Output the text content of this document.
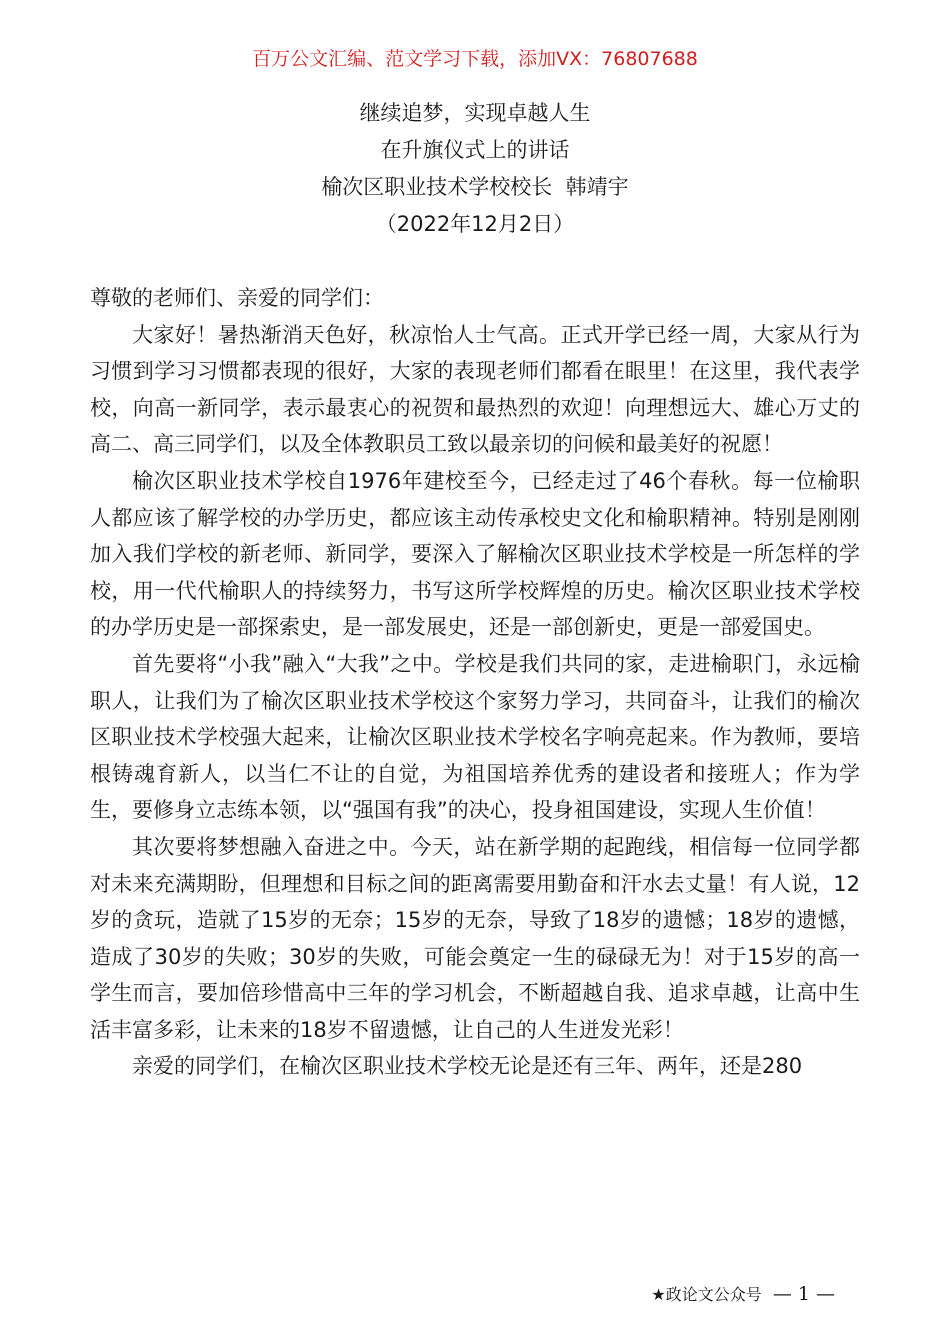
百万公文汇编、范文学习下载，添加VX：76807688
继续追梦，实现卓越人生
在升旗仪式上的讲话
榆次区职业技术学校校长  韩靖宇
（2022年12月2日）

尊敬的老师们、亲爱的同学们：

大家好！暑热渐消天色好，秋凉怡人士气高。正式开学已经一周，大家从行为习惯到学习习惯都表现的很好，大家的表现老师们都看在眼里！在这里，我代表学校，向高一新同学，表示最衷心的祝贺和最热烈的欢迎！向理想远大、雄心万丈的高二、高三同学们，以及全体教职员工致以最亲切的问候和最美好的祝愿！

榆次区职业技术学校自1976年建校至今，已经走过了46个春秋。每一位榆职人都应该了解学校的办学历史，都应该主动传承校史文化和榆职精神。特别是刚刚加入我们学校的新老师、新同学，要深入了解榆次区职业技术学校是一所怎样的学校，用一代代榆职人的持续努力，书写这所学校辉煌的历史。榆次区职业技术学校的办学历史是一部探索史，是一部发展史，还是一部创新史，更是一部爱国史。

首先要将“小我”融入“大我”之中。学校是我们共同的家，走进榆职门，永远榆职人，让我们为了榆次区职业技术学校这个家努力学习，共同奋斗，让我们的榆次区职业技术学校强大起来，让榆次区职业技术学校名字响亮起来。作为教师，要培根铸魂育新人，以当仁不让的自觉，为祖国培养优秀的建设者和接班人；作为学生，要修身立志练本领，以“强国有我”的决心，投身祖国建设，实现人生价值！

其次要将梦想融入奋进之中。今天，站在新学期的起跑线，相信每一位同学都对未来充满期盼，但理想和目标之间的距离需要用勤奋和汗水去丈量！有人说，12岁的贪玩，造就了15岁的无奈；15岁的无奈，导致了18岁的遗憾；18岁的遗憾，造成了30岁的失败；30岁的失败，可能会奠定一生的碌碌无为！对于15岁的高一学生而言，要加倍珍惜高中三年的学习机会，不断超越自我、追求卓越，让高中生活丰富多彩，让未来的18岁不留遗憾，让自己的人生迸发光彩！

亲爱的同学们，在榆次区职业技术学校无论是还有三年、两年，还是280

★政论文公众号 — 1 —
